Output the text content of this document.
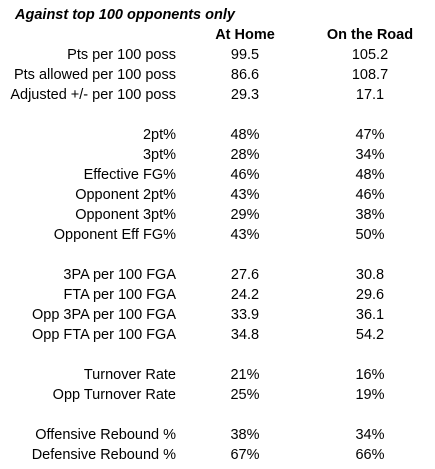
Against top 100 opponents only
At Home	On the Road
Pts per 100 poss	99.5	105.2
Pts allowed per 100 poss	86.6	108.7
Adjusted +/- per 100 poss	29.3	17.1
2pt%	48%	47%
3pt%	28%	34%
Effective FG%	46%	48%
Opponent 2pt%	43%	46%
Opponent 3pt%	29%	38%
Opponent Eff FG%	43%	50%
3PA per 100 FGA	27.6	30.8
FTA per 100 FGA	24.2	29.6
Opp 3PA per 100 FGA	33.9	36.1
Opp FTA per 100 FGA	34.8	54.2
Turnover Rate	21%	16%
Opp Turnover Rate	25%	19%
Offensive Rebound %	38%	34%
Defensive Rebound %	67%	66%
